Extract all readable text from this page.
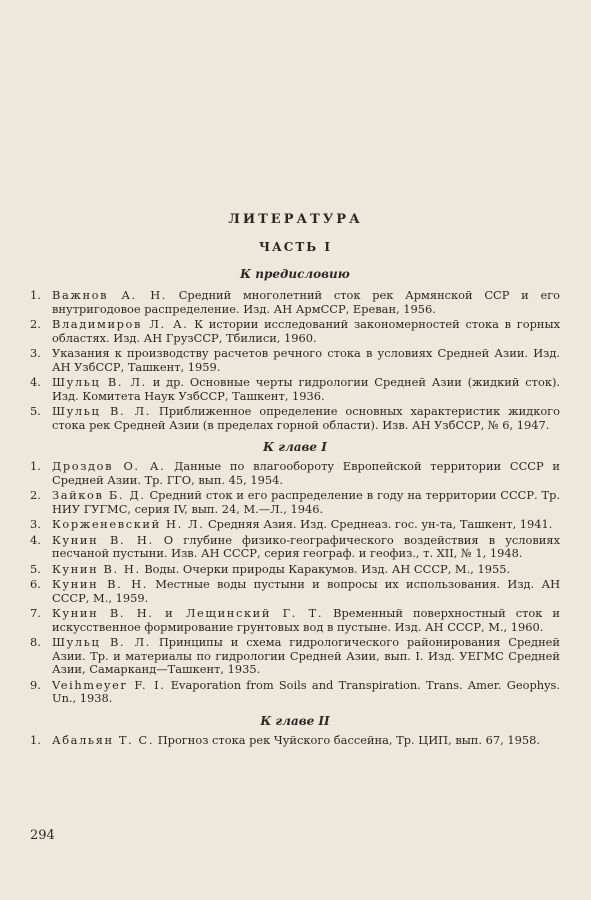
ЛИТЕРАТУРА
ЧАСТЬ I
К предисловию
1. Важнов А. Н. Средний многолетний сток рек Армянской ССР и его внутригодовое распределение. Изд. АН АрмССР, Ереван, 1956.
2. Владимиров Л. А. К истории исследований закономерностей стока в горных областях. Изд. АН ГрузССР, Тбилиси, 1960.
3. Указания к производству расчетов речного стока в условиях Средней Азии. Изд. АН УзбССР, Ташкент, 1959.
4. Шульц В. Л. и др. Основные черты гидрологии Средней Азии (жидкий сток). Изд. Комитета Наук УзбССР, Ташкент, 1936.
5. Шульц В. Л. Приближенное определение основных характеристик жидкого стока рек Средней Азии (в пределах горной области). Изв. АН УзбССР, № 6, 1947.
К главе I
1. Дроздов О. А. Данные по влагообороту Европейской территории СССР и Средней Азии. Тр. ГГО, вып. 45, 1954.
2. Зайков Б. Д. Средний сток и его распределение в году на территории СССР. Тр. НИУ ГУГМС, серия IV, вып. 24, М.—Л., 1946.
3. Корженевский Н. Л. Средняя Азия. Изд. Среднеаз. гос. ун-та, Ташкент, 1941.
4. Кунин В. Н. О глубине физико-географического воздействия в условиях песчаной пустыни. Изв. АН СССР, серия географ. и геофиз., т. XII, № 1, 1948.
5. Кунин В. Н. Воды. Очерки природы Каракумов. Изд. АН СССР, М., 1955.
6. Кунин В. Н. Местные воды пустыни и вопросы их использования. Изд. АН СССР, М., 1959.
7. Кунин В. Н. и Лещинский Г. Т. Временный поверхностный сток и искусственное формирование грунтовых вод в пустыне. Изд. АН СССР, М., 1960.
8. Шульц В. Л. Принципы и схема гидрологического районирования Средней Азии. Тр. и материалы по гидрологии Средней Азии, вып. I. Изд. УЕГМС Средней Азии, Самарканд—Ташкент, 1935.
9. Veihmeyer F. I. Evaporation from Soils and Transpiration. Trans. Amer. Geophys. Un., 1938.
К главе II
1. Абальян Т. С. Прогноз стока рек Чуйского бассейна, Тр. ЦИП, вып. 67, 1958.
294
